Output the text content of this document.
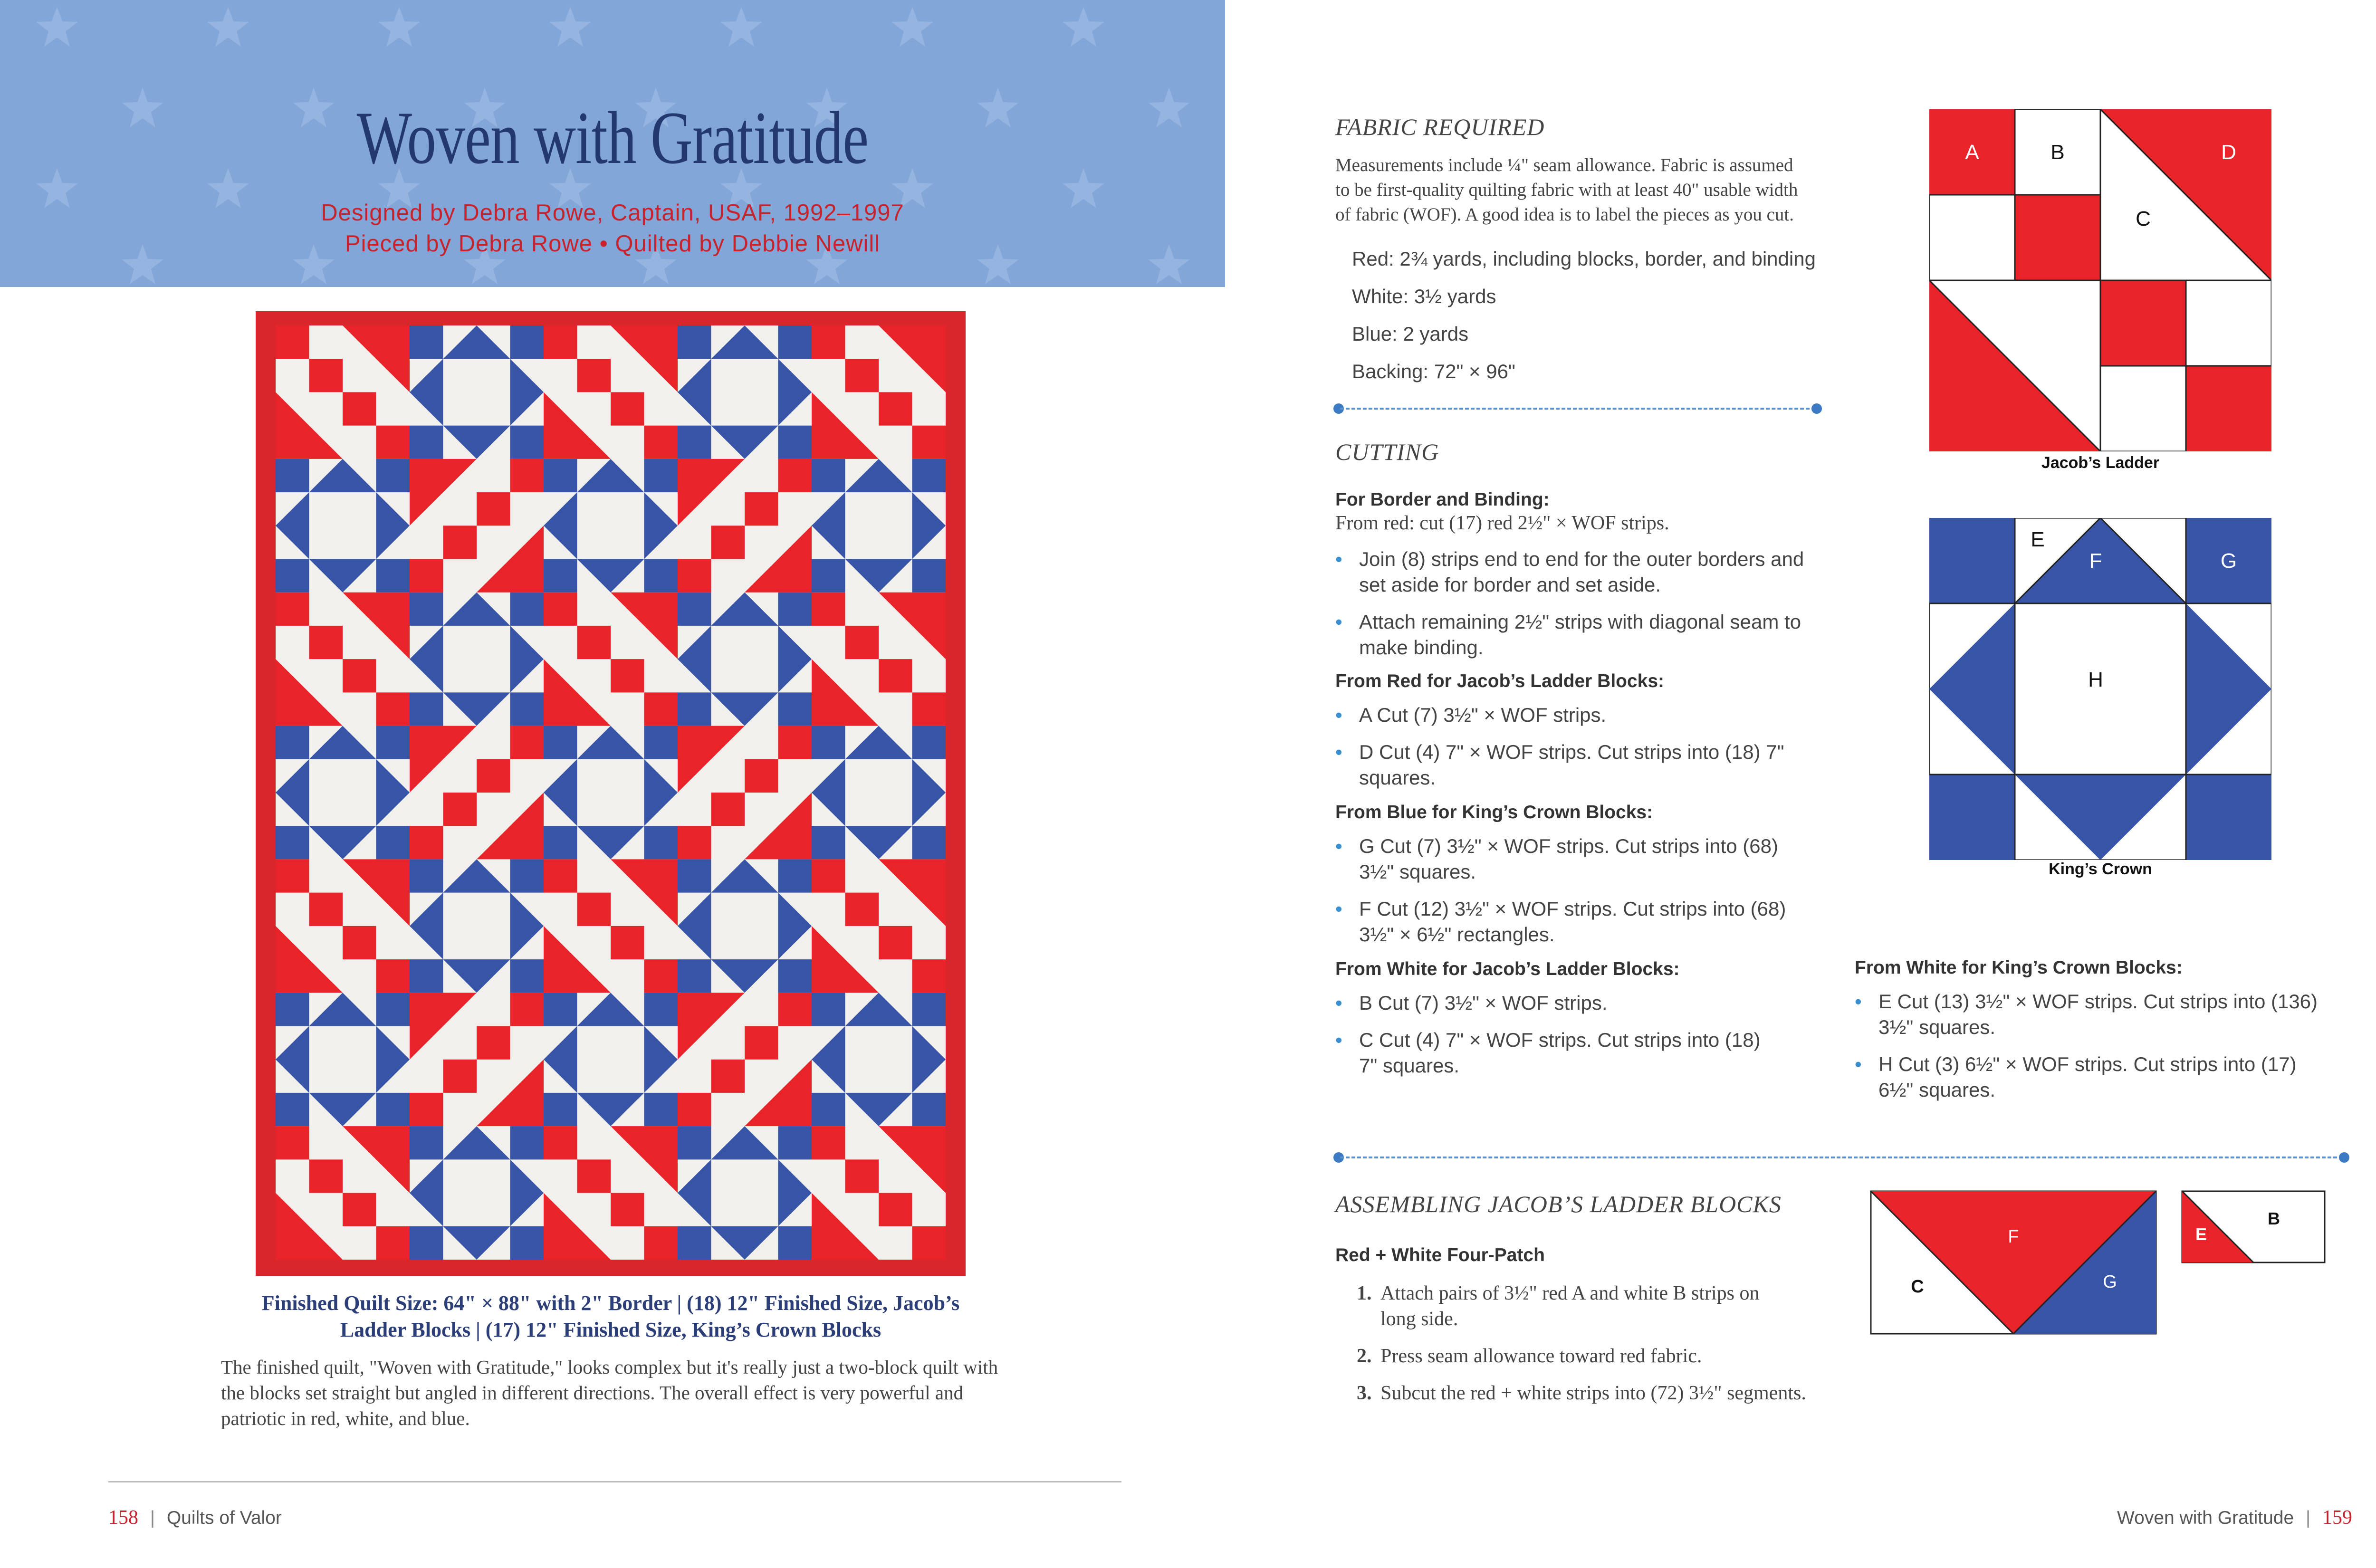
Woven with Gratitude
Designed by Debra Rowe, Captain, USAF, 1992–1997
Pieced by Debra Rowe • Quilted by Debbie Newill
Finished Quilt Size: 64" × 88" with 2" Border | (18) 12" Finished Size, Jacob’s
Ladder Blocks | (17) 12" Finished Size, King’s Crown Blocks
The finished quilt, "Woven with Gratitude," looks complex but it's really just a two-block quilt with
the blocks set straight but angled in different directions. The overall effect is very powerful and
patriotic in red, white, and blue.
158 | Quilts of Valor
FABRIC REQUIRED
Measurements include ¼" seam allowance. Fabric is assumed
to be first-quality quilting fabric with at least 40" usable width
of fabric (WOF). A good idea is to label the pieces as you cut.
Red: 2¾ yards, including blocks, border, and binding
White: 3½ yards
Blue: 2 yards
Backing: 72" × 96"
CUTTING
For Border and Binding:
From red: cut (17) red 2½" × WOF strips.
• Join (8) strips end to end for the outer borders and
set aside for border and set aside.
• Attach remaining 2½" strips with diagonal seam to
make binding.
From Red for Jacob’s Ladder Blocks:
• A Cut (7) 3½" × WOF strips.
• D Cut (4) 7" × WOF strips. Cut strips into (18) 7"
squares.
From Blue for King’s Crown Blocks:
• G Cut (7) 3½" × WOF strips. Cut strips into (68)
3½" squares.
• F Cut (12) 3½" × WOF strips. Cut strips into (68)
3½" × 6½" rectangles.
From White for Jacob’s Ladder Blocks:
• B Cut (7) 3½" × WOF strips.
• C Cut (4) 7" × WOF strips. Cut strips into (18)
7" squares.
From White for King’s Crown Blocks:
• E Cut (13) 3½" × WOF strips. Cut strips into (136)
3½" squares.
• H Cut (3) 6½" × WOF strips. Cut strips into (17)
6½" squares.
A	B
C
D
Jacob’s Ladder
E
F	G
H
King’s Crown
ASSEMBLING JACOB’S LADDER BLOCKS
Red + White Four-Patch
1. Attach pairs of 3½" red A and white B strips on
long side.
2. Press seam allowance toward red fabric.
3. Subcut the red + white strips into (72) 3½" segments.
F
C	G
E
B
Woven with Gratitude | 159
